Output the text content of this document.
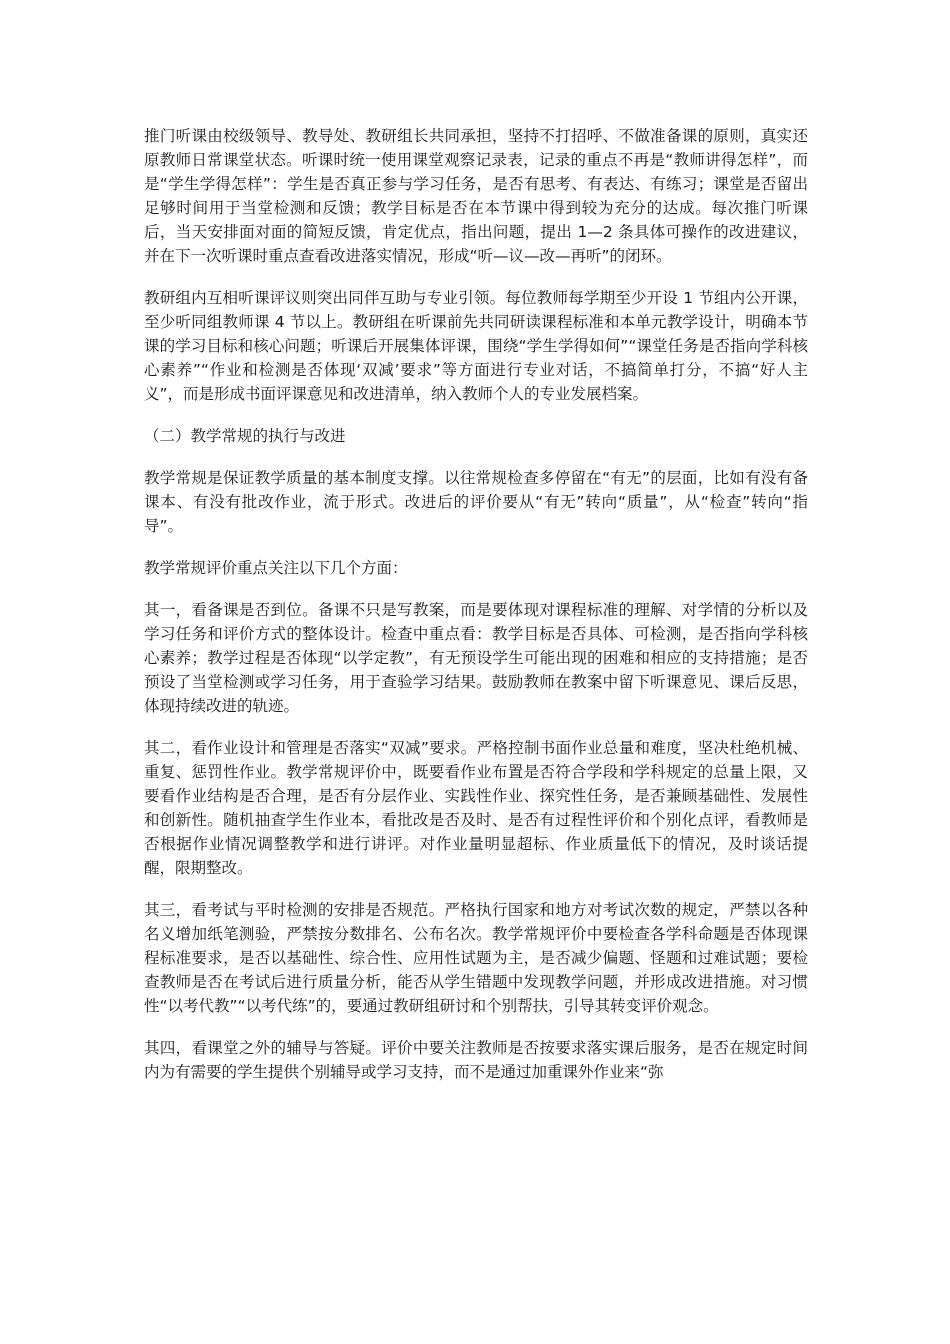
推门听课由校级领导、教导处、教研组长共同承担，坚持不打招呼、不做准备课的原则，真实还原教师日常课堂状态。听课时统一使用课堂观察记录表，记录的重点不再是“教师讲得怎样”，而是“学生学得怎样”：学生是否真正参与学习任务，是否有思考、有表达、有练习；课堂是否留出足够时间用于当堂检测和反馈；教学目标是否在本节课中得到较为充分的达成。每次推门听课后，当天安排面对面的简短反馈，肯定优点，指出问题，提出 1—2 条具体可操作的改进建议，并在下一次听课时重点查看改进落实情况，形成“听—议—改—再听”的闭环。

教研组内互相听课评议则突出同伴互助与专业引领。每位教师每学期至少开设 1 节组内公开课，至少听同组教师课 4 节以上。教研组在听课前先共同研读课程标准和本单元教学设计，明确本节课的学习目标和核心问题；听课后开展集体评课，围绕“学生学得如何”“课堂任务是否指向学科核心素养”“作业和检测是否体现‘双减’要求”等方面进行专业对话，不搞简单打分，不搞“好人主义”，而是形成书面评课意见和改进清单，纳入教师个人的专业发展档案。

（二）教学常规的执行与改进

教学常规是保证教学质量的基本制度支撑。以往常规检查多停留在“有无”的层面，比如有没有备课本、有没有批改作业，流于形式。改进后的评价要从“有无”转向“质量”，从“检查”转向“指导”。

教学常规评价重点关注以下几个方面：

其一，看备课是否到位。备课不只是写教案，而是要体现对课程标准的理解、对学情的分析以及学习任务和评价方式的整体设计。检查中重点看：教学目标是否具体、可检测，是否指向学科核心素养；教学过程是否体现“以学定教”，有无预设学生可能出现的困难和相应的支持措施；是否预设了当堂检测或学习任务，用于查验学习结果。鼓励教师在教案中留下听课意见、课后反思，体现持续改进的轨迹。

其二，看作业设计和管理是否落实“双减”要求。严格控制书面作业总量和难度，坚决杜绝机械、重复、惩罚性作业。教学常规评价中，既要看作业布置是否符合学段和学科规定的总量上限，又要看作业结构是否合理，是否有分层作业、实践性作业、探究性任务，是否兼顾基础性、发展性和创新性。随机抽查学生作业本，看批改是否及时、是否有过程性评价和个别化点评，看教师是否根据作业情况调整教学和进行讲评。对作业量明显超标、作业质量低下的情况，及时谈话提醒，限期整改。

其三，看考试与平时检测的安排是否规范。严格执行国家和地方对考试次数的规定，严禁以各种名义增加纸笔测验，严禁按分数排名、公布名次。教学常规评价中要检查各学科命题是否体现课程标准要求，是否以基础性、综合性、应用性试题为主，是否减少偏题、怪题和过难试题；要检查教师是否在考试后进行质量分析，能否从学生错题中发现教学问题，并形成改进措施。对习惯性“以考代教”“以考代练”的，要通过教研组研讨和个别帮扶，引导其转变评价观念。

其四，看课堂之外的辅导与答疑。评价中要关注教师是否按要求落实课后服务，是否在规定时间内为有需要的学生提供个别辅导或学习支持，而不是通过加重课外作业来“弥
